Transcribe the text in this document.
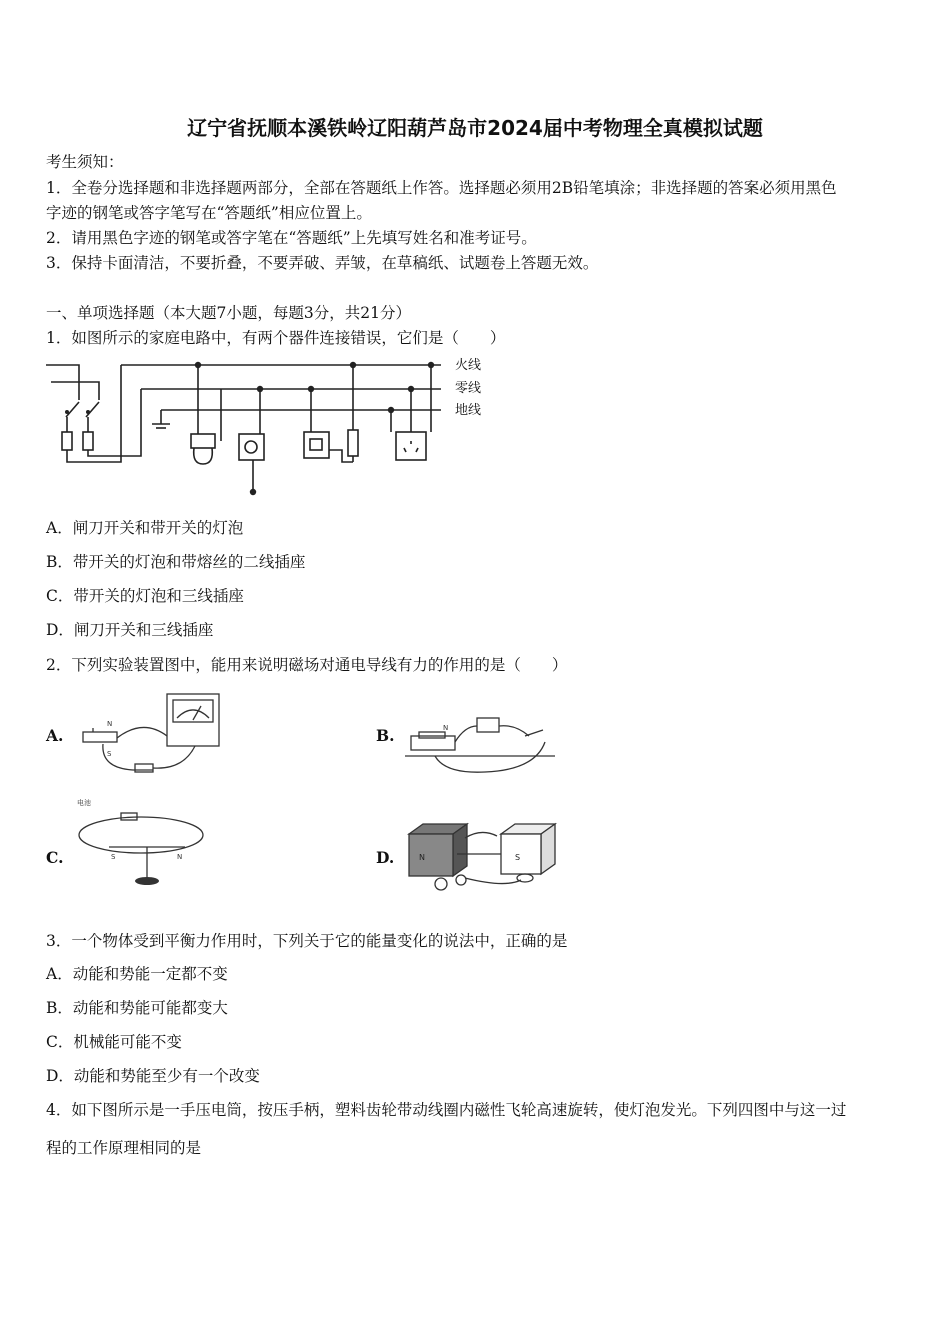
辽宁省抚顺本溪铁岭辽阳葫芦岛市2024届中考物理全真模拟试题
考生须知：
1．全卷分选择题和非选择题两部分，全部在答题纸上作答。选择题必须用2B铅笔填涂；非选择题的答案必须用黑色
字迹的钢笔或答字笔写在“答题纸”相应位置上。
2．请用黑色字迹的钢笔或答字笔在“答题纸”上先填写姓名和准考证号。
3．保持卡面清洁，不要折叠，不要弄破、弄皱，在草稿纸、试题卷上答题无效。
一、单项选择题（本大题7小题，每题3分，共21分）
1．如图所示的家庭电路中，有两个器件连接错误，它们是（　　）
火线
零线
地线
A．闸刀开关和带开关的灯泡
B．带开关的灯泡和带熔丝的二线插座
C．带开关的灯泡和三线插座
D．闸刀开关和三线插座
2．下列实验装置图中，能用来说明磁场对通电导线有力的作用的是（　　）
A.
N
S
B.	N
C.
电池
S	N	D.	N	S
3．一个物体受到平衡力作用时，下列关于它的能量变化的说法中，正确的是
A．动能和势能一定都不变
B．动能和势能可能都变大
C．机械能可能不变
D．动能和势能至少有一个改变
4．如下图所示是一手压电筒，按压手柄，塑料齿轮带动线圈内磁性飞轮高速旋转，使灯泡发光。下列四图中与这一过
程的工作原理相同的是
